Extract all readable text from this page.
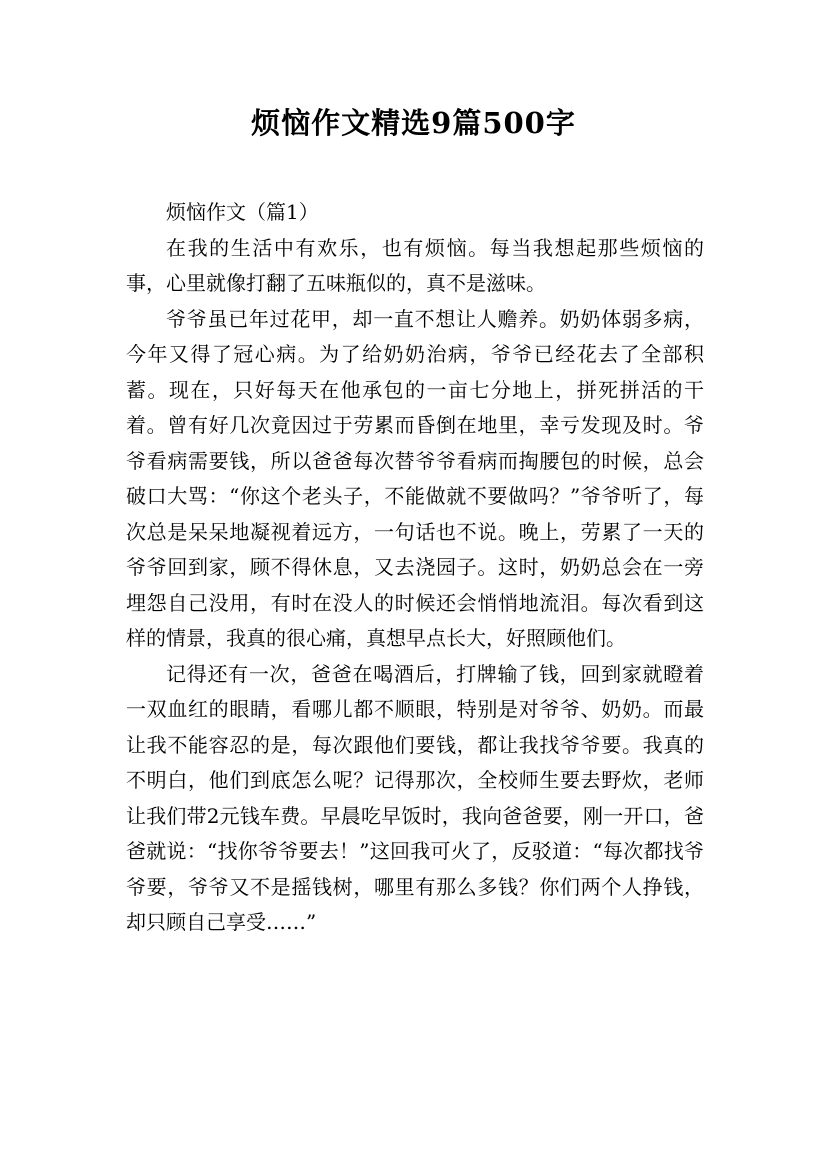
烦恼作文精选9篇500字

烦恼作文（篇1）

在我的生活中有欢乐，也有烦恼。每当我想起那些烦恼的事，心里就像打翻了五味瓶似的，真不是滋味。

爷爷虽已年过花甲，却一直不想让人赡养。奶奶体弱多病，今年又得了冠心病。为了给奶奶治病，爷爷已经花去了全部积蓄。现在，只好每天在他承包的一亩七分地上，拼死拼活的干着。曾有好几次竟因过于劳累而昏倒在地里，幸亏发现及时。爷爷看病需要钱，所以爸爸每次替爷爷看病而掏腰包的时候，总会破口大骂：“你这个老头子，不能做就不要做吗？”爷爷听了，每次总是呆呆地凝视着远方，一句话也不说。晚上，劳累了一天的爷爷回到家，顾不得休息，又去浇园子。这时，奶奶总会在一旁埋怨自己没用，有时在没人的时候还会悄悄地流泪。每次看到这样的情景，我真的很心痛，真想早点长大，好照顾他们。

记得还有一次，爸爸在喝酒后，打牌输了钱，回到家就瞪着一双血红的眼睛，看哪儿都不顺眼，特别是对爷爷、奶奶。而最让我不能容忍的是，每次跟他们要钱，都让我找爷爷要。我真的不明白，他们到底怎么呢？记得那次，全校师生要去野炊，老师让我们带2元钱车费。早晨吃早饭时，我向爸爸要，刚一开口，爸爸就说：“找你爷爷要去！”这回我可火了，反驳道：“每次都找爷爷要，爷爷又不是摇钱树，哪里有那么多钱？你们两个人挣钱，却只顾自己享受……”
